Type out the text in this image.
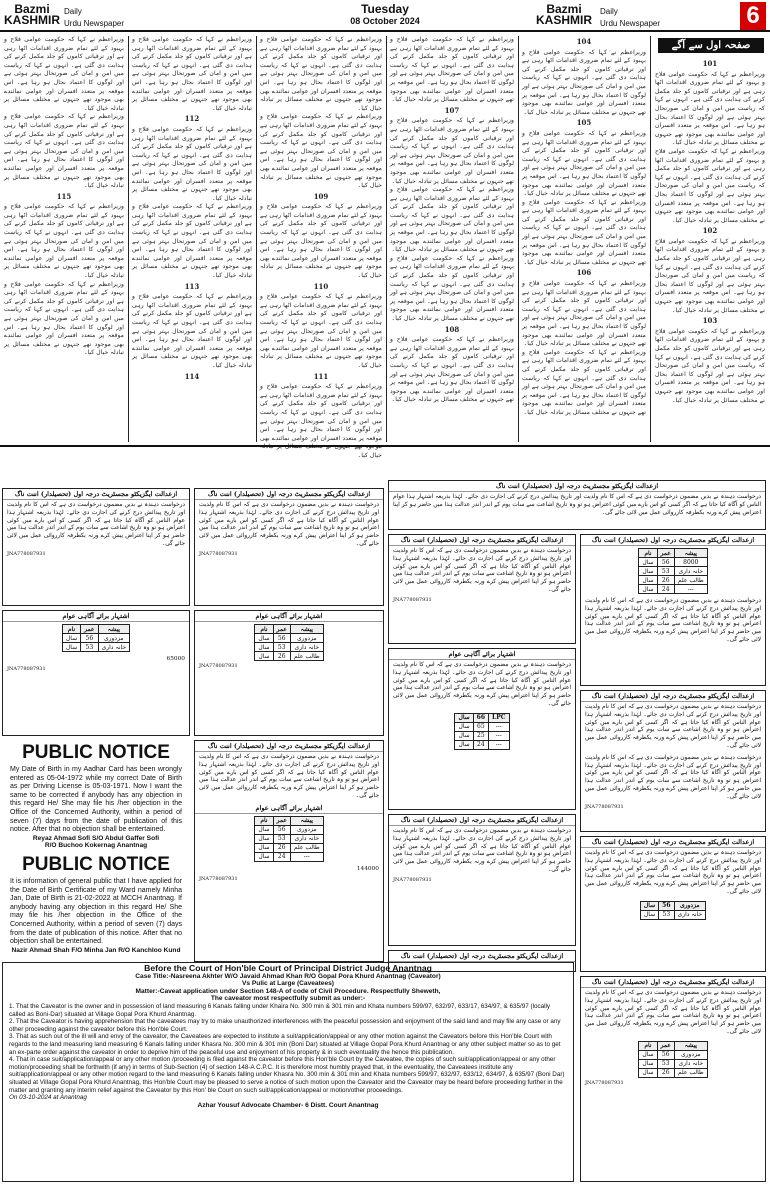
Bazmi
KASHMIR
Daily
Urdu Newspaper
Tuesday
08 October 2024
Bazmi
KASHMIR
Daily
Urdu Newspaper	6
صفحہ اول سے آگے
101

وزیراعظم نے کہا کہ حکومت عوامی فلاح و بہبود کے لئے تمام ضروری اقدامات اٹھا رہی ہے اور ترقیاتی کاموں کو جلد مکمل کرنے کی ہدایت دی گئی ہے۔ انہوں نے کہا کہ ریاست میں امن و امان کی صورتحال بہتر ہوئی ہے اور لوگوں کا اعتماد بحال ہو رہا ہے۔ اس موقعہ پر متعدد افسران اور عوامی نمائندے بھی موجود تھے جنہوں نے مختلف مسائل پر تبادلہ خیال کیا۔

وزیراعظم نے کہا کہ حکومت عوامی فلاح و بہبود کے لئے تمام ضروری اقدامات اٹھا رہی ہے اور ترقیاتی کاموں کو جلد مکمل کرنے کی ہدایت دی گئی ہے۔ انہوں نے کہا کہ ریاست میں امن و امان کی صورتحال بہتر ہوئی ہے اور لوگوں کا اعتماد بحال ہو رہا ہے۔ اس موقعہ پر متعدد افسران اور عوامی نمائندے بھی موجود تھے جنہوں نے مختلف مسائل پر تبادلہ خیال کیا۔

102

وزیراعظم نے کہا کہ حکومت عوامی فلاح و بہبود کے لئے تمام ضروری اقدامات اٹھا رہی ہے اور ترقیاتی کاموں کو جلد مکمل کرنے کی ہدایت دی گئی ہے۔ انہوں نے کہا کہ ریاست میں امن و امان کی صورتحال بہتر ہوئی ہے اور لوگوں کا اعتماد بحال ہو رہا ہے۔ اس موقعہ پر متعدد افسران اور عوامی نمائندے بھی موجود تھے جنہوں نے مختلف مسائل پر تبادلہ خیال کیا۔

103

وزیراعظم نے کہا کہ حکومت عوامی فلاح و بہبود کے لئے تمام ضروری اقدامات اٹھا رہی ہے اور ترقیاتی کاموں کو جلد مکمل کرنے کی ہدایت دی گئی ہے۔ انہوں نے کہا کہ ریاست میں امن و امان کی صورتحال بہتر ہوئی ہے اور لوگوں کا اعتماد بحال ہو رہا ہے۔ اس موقعہ پر متعدد افسران اور عوامی نمائندے بھی موجود تھے جنہوں نے مختلف مسائل پر تبادلہ خیال کیا۔

104

وزیراعظم نے کہا کہ حکومت عوامی فلاح و بہبود کے لئے تمام ضروری اقدامات اٹھا رہی ہے اور ترقیاتی کاموں کو جلد مکمل کرنے کی ہدایت دی گئی ہے۔ انہوں نے کہا کہ ریاست میں امن و امان کی صورتحال بہتر ہوئی ہے اور لوگوں کا اعتماد بحال ہو رہا ہے۔ اس موقعہ پر متعدد افسران اور عوامی نمائندے بھی موجود تھے جنہوں نے مختلف مسائل پر تبادلہ خیال کیا۔

105

وزیراعظم نے کہا کہ حکومت عوامی فلاح و بہبود کے لئے تمام ضروری اقدامات اٹھا رہی ہے اور ترقیاتی کاموں کو جلد مکمل کرنے کی ہدایت دی گئی ہے۔ انہوں نے کہا کہ ریاست میں امن و امان کی صورتحال بہتر ہوئی ہے اور لوگوں کا اعتماد بحال ہو رہا ہے۔ اس موقعہ پر متعدد افسران اور عوامی نمائندے بھی موجود تھے جنہوں نے مختلف مسائل پر تبادلہ خیال کیا۔

وزیراعظم نے کہا کہ حکومت عوامی فلاح و بہبود کے لئے تمام ضروری اقدامات اٹھا رہی ہے اور ترقیاتی کاموں کو جلد مکمل کرنے کی ہدایت دی گئی ہے۔ انہوں نے کہا کہ ریاست میں امن و امان کی صورتحال بہتر ہوئی ہے اور لوگوں کا اعتماد بحال ہو رہا ہے۔ اس موقعہ پر متعدد افسران اور عوامی نمائندے بھی موجود تھے جنہوں نے مختلف مسائل پر تبادلہ خیال کیا۔

106

وزیراعظم نے کہا کہ حکومت عوامی فلاح و بہبود کے لئے تمام ضروری اقدامات اٹھا رہی ہے اور ترقیاتی کاموں کو جلد مکمل کرنے کی ہدایت دی گئی ہے۔ انہوں نے کہا کہ ریاست میں امن و امان کی صورتحال بہتر ہوئی ہے اور لوگوں کا اعتماد بحال ہو رہا ہے۔ اس موقعہ پر متعدد افسران اور عوامی نمائندے بھی موجود تھے جنہوں نے مختلف مسائل پر تبادلہ خیال کیا۔

وزیراعظم نے کہا کہ حکومت عوامی فلاح و بہبود کے لئے تمام ضروری اقدامات اٹھا رہی ہے اور ترقیاتی کاموں کو جلد مکمل کرنے کی ہدایت دی گئی ہے۔ انہوں نے کہا کہ ریاست میں امن و امان کی صورتحال بہتر ہوئی ہے اور لوگوں کا اعتماد بحال ہو رہا ہے۔ اس موقعہ پر متعدد افسران اور عوامی نمائندے بھی موجود تھے جنہوں نے مختلف مسائل پر تبادلہ خیال کیا۔

وزیراعظم نے کہا کہ حکومت عوامی فلاح و بہبود کے لئے تمام ضروری اقدامات اٹھا رہی ہے اور ترقیاتی کاموں کو جلد مکمل کرنے کی ہدایت دی گئی ہے۔ انہوں نے کہا کہ ریاست میں امن و امان کی صورتحال بہتر ہوئی ہے اور لوگوں کا اعتماد بحال ہو رہا ہے۔ اس موقعہ پر متعدد افسران اور عوامی نمائندے بھی موجود تھے جنہوں نے مختلف مسائل پر تبادلہ خیال کیا۔

107

وزیراعظم نے کہا کہ حکومت عوامی فلاح و بہبود کے لئے تمام ضروری اقدامات اٹھا رہی ہے اور ترقیاتی کاموں کو جلد مکمل کرنے کی ہدایت دی گئی ہے۔ انہوں نے کہا کہ ریاست میں امن و امان کی صورتحال بہتر ہوئی ہے اور لوگوں کا اعتماد بحال ہو رہا ہے۔ اس موقعہ پر متعدد افسران اور عوامی نمائندے بھی موجود تھے جنہوں نے مختلف مسائل پر تبادلہ خیال کیا۔

وزیراعظم نے کہا کہ حکومت عوامی فلاح و بہبود کے لئے تمام ضروری اقدامات اٹھا رہی ہے اور ترقیاتی کاموں کو جلد مکمل کرنے کی ہدایت دی گئی ہے۔ انہوں نے کہا کہ ریاست میں امن و امان کی صورتحال بہتر ہوئی ہے اور لوگوں کا اعتماد بحال ہو رہا ہے۔ اس موقعہ پر متعدد افسران اور عوامی نمائندے بھی موجود تھے جنہوں نے مختلف مسائل پر تبادلہ خیال کیا۔

وزیراعظم نے کہا کہ حکومت عوامی فلاح و بہبود کے لئے تمام ضروری اقدامات اٹھا رہی ہے اور ترقیاتی کاموں کو جلد مکمل کرنے کی ہدایت دی گئی ہے۔ انہوں نے کہا کہ ریاست میں امن و امان کی صورتحال بہتر ہوئی ہے اور لوگوں کا اعتماد بحال ہو رہا ہے۔ اس موقعہ پر متعدد افسران اور عوامی نمائندے بھی موجود تھے جنہوں نے مختلف مسائل پر تبادلہ خیال کیا۔

108

وزیراعظم نے کہا کہ حکومت عوامی فلاح و بہبود کے لئے تمام ضروری اقدامات اٹھا رہی ہے اور ترقیاتی کاموں کو جلد مکمل کرنے کی ہدایت دی گئی ہے۔ انہوں نے کہا کہ ریاست میں امن و امان کی صورتحال بہتر ہوئی ہے اور لوگوں کا اعتماد بحال ہو رہا ہے۔ اس موقعہ پر متعدد افسران اور عوامی نمائندے بھی موجود تھے جنہوں نے مختلف مسائل پر تبادلہ خیال کیا۔

وزیراعظم نے کہا کہ حکومت عوامی فلاح و بہبود کے لئے تمام ضروری اقدامات اٹھا رہی ہے اور ترقیاتی کاموں کو جلد مکمل کرنے کی ہدایت دی گئی ہے۔ انہوں نے کہا کہ ریاست میں امن و امان کی صورتحال بہتر ہوئی ہے اور لوگوں کا اعتماد بحال ہو رہا ہے۔ اس موقعہ پر متعدد افسران اور عوامی نمائندے بھی موجود تھے جنہوں نے مختلف مسائل پر تبادلہ خیال کیا۔

وزیراعظم نے کہا کہ حکومت عوامی فلاح و بہبود کے لئے تمام ضروری اقدامات اٹھا رہی ہے اور ترقیاتی کاموں کو جلد مکمل کرنے کی ہدایت دی گئی ہے۔ انہوں نے کہا کہ ریاست میں امن و امان کی صورتحال بہتر ہوئی ہے اور لوگوں کا اعتماد بحال ہو رہا ہے۔ اس موقعہ پر متعدد افسران اور عوامی نمائندے بھی موجود تھے جنہوں نے مختلف مسائل پر تبادلہ خیال کیا۔

109

وزیراعظم نے کہا کہ حکومت عوامی فلاح و بہبود کے لئے تمام ضروری اقدامات اٹھا رہی ہے اور ترقیاتی کاموں کو جلد مکمل کرنے کی ہدایت دی گئی ہے۔ انہوں نے کہا کہ ریاست میں امن و امان کی صورتحال بہتر ہوئی ہے اور لوگوں کا اعتماد بحال ہو رہا ہے۔ اس موقعہ پر متعدد افسران اور عوامی نمائندے بھی موجود تھے جنہوں نے مختلف مسائل پر تبادلہ خیال کیا۔

110

وزیراعظم نے کہا کہ حکومت عوامی فلاح و بہبود کے لئے تمام ضروری اقدامات اٹھا رہی ہے اور ترقیاتی کاموں کو جلد مکمل کرنے کی ہدایت دی گئی ہے۔ انہوں نے کہا کہ ریاست میں امن و امان کی صورتحال بہتر ہوئی ہے اور لوگوں کا اعتماد بحال ہو رہا ہے۔ اس موقعہ پر متعدد افسران اور عوامی نمائندے بھی موجود تھے جنہوں نے مختلف مسائل پر تبادلہ خیال کیا۔

111

وزیراعظم نے کہا کہ حکومت عوامی فلاح و بہبود کے لئے تمام ضروری اقدامات اٹھا رہی ہے اور ترقیاتی کاموں کو جلد مکمل کرنے کی ہدایت دی گئی ہے۔ انہوں نے کہا کہ ریاست میں امن و امان کی صورتحال بہتر ہوئی ہے اور لوگوں کا اعتماد بحال ہو رہا ہے۔ اس موقعہ پر متعدد افسران اور عوامی نمائندے بھی موجود تھے جنہوں نے مختلف مسائل پر تبادلہ خیال کیا۔

وزیراعظم نے کہا کہ حکومت عوامی فلاح و بہبود کے لئے تمام ضروری اقدامات اٹھا رہی ہے اور ترقیاتی کاموں کو جلد مکمل کرنے کی ہدایت دی گئی ہے۔ انہوں نے کہا کہ ریاست میں امن و امان کی صورتحال بہتر ہوئی ہے اور لوگوں کا اعتماد بحال ہو رہا ہے۔ اس موقعہ پر متعدد افسران اور عوامی نمائندے بھی موجود تھے جنہوں نے مختلف مسائل پر تبادلہ خیال کیا۔

112

وزیراعظم نے کہا کہ حکومت عوامی فلاح و بہبود کے لئے تمام ضروری اقدامات اٹھا رہی ہے اور ترقیاتی کاموں کو جلد مکمل کرنے کی ہدایت دی گئی ہے۔ انہوں نے کہا کہ ریاست میں امن و امان کی صورتحال بہتر ہوئی ہے اور لوگوں کا اعتماد بحال ہو رہا ہے۔ اس موقعہ پر متعدد افسران اور عوامی نمائندے بھی موجود تھے جنہوں نے مختلف مسائل پر تبادلہ خیال کیا۔

وزیراعظم نے کہا کہ حکومت عوامی فلاح و بہبود کے لئے تمام ضروری اقدامات اٹھا رہی ہے اور ترقیاتی کاموں کو جلد مکمل کرنے کی ہدایت دی گئی ہے۔ انہوں نے کہا کہ ریاست میں امن و امان کی صورتحال بہتر ہوئی ہے اور لوگوں کا اعتماد بحال ہو رہا ہے۔ اس موقعہ پر متعدد افسران اور عوامی نمائندے بھی موجود تھے جنہوں نے مختلف مسائل پر تبادلہ خیال کیا۔

113

وزیراعظم نے کہا کہ حکومت عوامی فلاح و بہبود کے لئے تمام ضروری اقدامات اٹھا رہی ہے اور ترقیاتی کاموں کو جلد مکمل کرنے کی ہدایت دی گئی ہے۔ انہوں نے کہا کہ ریاست میں امن و امان کی صورتحال بہتر ہوئی ہے اور لوگوں کا اعتماد بحال ہو رہا ہے۔ اس موقعہ پر متعدد افسران اور عوامی نمائندے بھی موجود تھے جنہوں نے مختلف مسائل پر تبادلہ خیال کیا۔

114

وزیراعظم نے کہا کہ حکومت عوامی فلاح و بہبود کے لئے تمام ضروری اقدامات اٹھا رہی ہے اور ترقیاتی کاموں کو جلد مکمل کرنے کی ہدایت دی گئی ہے۔ انہوں نے کہا کہ ریاست میں امن و امان کی صورتحال بہتر ہوئی ہے اور لوگوں کا اعتماد بحال ہو رہا ہے۔ اس موقعہ پر متعدد افسران اور عوامی نمائندے بھی موجود تھے جنہوں نے مختلف مسائل پر تبادلہ خیال کیا۔

وزیراعظم نے کہا کہ حکومت عوامی فلاح و بہبود کے لئے تمام ضروری اقدامات اٹھا رہی ہے اور ترقیاتی کاموں کو جلد مکمل کرنے کی ہدایت دی گئی ہے۔ انہوں نے کہا کہ ریاست میں امن و امان کی صورتحال بہتر ہوئی ہے اور لوگوں کا اعتماد بحال ہو رہا ہے۔ اس موقعہ پر متعدد افسران اور عوامی نمائندے بھی موجود تھے جنہوں نے مختلف مسائل پر تبادلہ خیال کیا۔

115

وزیراعظم نے کہا کہ حکومت عوامی فلاح و بہبود کے لئے تمام ضروری اقدامات اٹھا رہی ہے اور ترقیاتی کاموں کو جلد مکمل کرنے کی ہدایت دی گئی ہے۔ انہوں نے کہا کہ ریاست میں امن و امان کی صورتحال بہتر ہوئی ہے اور لوگوں کا اعتماد بحال ہو رہا ہے۔ اس موقعہ پر متعدد افسران اور عوامی نمائندے بھی موجود تھے جنہوں نے مختلف مسائل پر تبادلہ خیال کیا۔

وزیراعظم نے کہا کہ حکومت عوامی فلاح و بہبود کے لئے تمام ضروری اقدامات اٹھا رہی ہے اور ترقیاتی کاموں کو جلد مکمل کرنے کی ہدایت دی گئی ہے۔ انہوں نے کہا کہ ریاست میں امن و امان کی صورتحال بہتر ہوئی ہے اور لوگوں کا اعتماد بحال ہو رہا ہے۔ اس موقعہ پر متعدد افسران اور عوامی نمائندے بھی موجود تھے جنہوں نے مختلف مسائل پر تبادلہ خیال کیا۔

ازعدالت ایگزیکٹو مجسٹریٹ درجہ اول (تحصیلدار) اننت ناگ
درخواست دہندہ نے بدیں مضمون درخواست دی ہے کہ اس کا نام ولدیت اور تاریخ پیدائش درج کرنے کی اجازت دی جائے۔ لہٰذا بذریعہ اشتہار ہذا عوام الناس کو آگاہ کیا جاتا ہے کہ اگر کسی کو اس بارے میں کوئی اعتراض ہو تو وہ تاریخ اشاعت سے سات یوم کے اندر اندر عدالت ہذا میں حاضر ہو کر اپنا اعتراض پیش کرے ورنہ یکطرفہ کارروائی عمل میں لائی جائے گی۔
ازعدالت ایگزیکٹو مجسٹریٹ درجہ اول (تحصیلدار) اننت ناگ
درخواست دہندہ نے بدیں مضمون درخواست دی ہے کہ اس کا نام ولدیت اور تاریخ پیدائش درج کرنے کی اجازت دی جائے۔ لہٰذا بذریعہ اشتہار ہذا عوام الناس کو آگاہ کیا جاتا ہے کہ اگر کسی کو اس بارے میں کوئی اعتراض ہو تو وہ تاریخ اشاعت سے سات یوم کے اندر اندر عدالت ہذا میں حاضر ہو کر اپنا اعتراض پیش کرے ورنہ یکطرفہ کارروائی عمل میں لائی جائے گی۔
JNA778087931
اشتہار برائے آگاہی عوام
پیشہ	عمر	نام
مزدوری	56	سال
خانہ داری	53	سال
65000
JNA778087931
PUBLIC NOTICE
My Date of Birth in my Aadhar Card has been wrongly entered as 05-04-1972 while my correct Date of Birth as per Driving License is 05-03-1971. Now I want the same to be corrected if anybody has any objection in this regard He/ She may file his /her objection in the Office of the Concerned Authority, within a period of seven (7) days from the date of publication of this notice. After that no objection shall be entertained.
Reyaz Ahmad Sofi S/O Abdul Gaffer Sofi
R/O Buchoo Kokernag Anantnag
PUBLIC NOTICE
It is information of general public that I have applied for the Date of Birth Certificate of my Ward namely Minha Jan, Date of Birth is 21-02-2022 at MCCH Anantnag. If anybody having any objection in this regard He/ She may file his /her objection in the Office of the Concerned Authority, within a period of seven (7) days from the date of publication of this notice. After that no objection shall be entertained.
Nazir Ahmad Shah F/O Minha Jan R/O Kanchloo Kund
ازعدالت ایگزیکٹو مجسٹریٹ درجہ اول (تحصیلدار) اننت ناگ
درخواست دہندہ نے بدیں مضمون درخواست دی ہے کہ اس کا نام ولدیت اور تاریخ پیدائش درج کرنے کی اجازت دی جائے۔ لہٰذا بذریعہ اشتہار ہذا عوام الناس کو آگاہ کیا جاتا ہے کہ اگر کسی کو اس بارے میں کوئی اعتراض ہو تو وہ تاریخ اشاعت سے سات یوم کے اندر اندر عدالت ہذا میں حاضر ہو کر اپنا اعتراض پیش کرے ورنہ یکطرفہ کارروائی عمل میں لائی جائے گی۔
JNA778087931
اشتہار برائے آگاہی عوام
پیشہ	عمر	نام
مزدوری	56	سال
خانہ داری	53	سال
طالب علم	26	سال
JNA778087931
ازعدالت ایگزیکٹو مجسٹریٹ درجہ اول (تحصیلدار) اننت ناگ
درخواست دہندہ نے بدیں مضمون درخواست دی ہے کہ اس کا نام ولدیت اور تاریخ پیدائش درج کرنے کی اجازت دی جائے۔ لہٰذا بذریعہ اشتہار ہذا عوام الناس کو آگاہ کیا جاتا ہے کہ اگر کسی کو اس بارے میں کوئی اعتراض ہو تو وہ تاریخ اشاعت سے سات یوم کے اندر اندر عدالت ہذا میں حاضر ہو کر اپنا اعتراض پیش کرے ورنہ یکطرفہ کارروائی عمل میں لائی جائے گی۔
اشتہار برائے آگاہی عوام
پیشہ	عمر	نام
مزدوری	56	سال
خانہ داری	53	سال
طالب علم	26	سال
---	24	سال
144000
JNA778087931
ازعدالت ایگزیکٹو مجسٹریٹ درجہ اول (تحصیلدار) اننت ناگ
درخواست دہندہ نے بدیں مضمون درخواست دی ہے کہ اس کا نام ولدیت اور تاریخ پیدائش درج کرنے کی اجازت دی جائے۔ لہٰذا بذریعہ اشتہار ہذا عوام الناس کو آگاہ کیا جاتا ہے کہ اگر کسی کو اس بارے میں کوئی اعتراض ہو تو وہ تاریخ اشاعت سے سات یوم کے اندر اندر عدالت ہذا میں حاضر ہو کر اپنا اعتراض پیش کرے ورنہ یکطرفہ کارروائی عمل میں لائی جائے گی۔
JNA778087931
اشتہار برائے آگاہی عوام
درخواست دہندہ نے بدیں مضمون درخواست دی ہے کہ اس کا نام ولدیت اور تاریخ پیدائش درج کرنے کی اجازت دی جائے۔ لہٰذا بذریعہ اشتہار ہذا عوام الناس کو آگاہ کیا جاتا ہے کہ اگر کسی کو اس بارے میں کوئی اعتراض ہو تو وہ تاریخ اشاعت سے سات یوم کے اندر اندر عدالت ہذا میں حاضر ہو کر اپنا اعتراض پیش کرے ورنہ یکطرفہ کارروائی عمل میں لائی جائے گی۔
LPC	66	سال
---	65	سال
---	25	سال
---	24	سال
ازعدالت ایگزیکٹو مجسٹریٹ درجہ اول (تحصیلدار) اننت ناگ
درخواست دہندہ نے بدیں مضمون درخواست دی ہے کہ اس کا نام ولدیت اور تاریخ پیدائش درج کرنے کی اجازت دی جائے۔ لہٰذا بذریعہ اشتہار ہذا عوام الناس کو آگاہ کیا جاتا ہے کہ اگر کسی کو اس بارے میں کوئی اعتراض ہو تو وہ تاریخ اشاعت سے سات یوم کے اندر اندر عدالت ہذا میں حاضر ہو کر اپنا اعتراض پیش کرے ورنہ یکطرفہ کارروائی عمل میں لائی جائے گی۔
JNA778087931
ازعدالت ایگزیکٹو مجسٹریٹ درجہ اول (تحصیلدار) اننت ناگ
ازعدالت ایگزیکٹو مجسٹریٹ درجہ اول (تحصیلدار) اننت ناگ
پیشہ	عمر	نام
8000	56	سال
خانہ داری	53	سال
طالب علم	26	سال
---	24	سال
درخواست دہندہ نے بدیں مضمون درخواست دی ہے کہ اس کا نام ولدیت اور تاریخ پیدائش درج کرنے کی اجازت دی جائے۔ لہٰذا بذریعہ اشتہار ہذا عوام الناس کو آگاہ کیا جاتا ہے کہ اگر کسی کو اس بارے میں کوئی اعتراض ہو تو وہ تاریخ اشاعت سے سات یوم کے اندر اندر عدالت ہذا میں حاضر ہو کر اپنا اعتراض پیش کرے ورنہ یکطرفہ کارروائی عمل میں لائی جائے گی۔
ازعدالت ایگزیکٹو مجسٹریٹ درجہ اول (تحصیلدار) اننت ناگ
درخواست دہندہ نے بدیں مضمون درخواست دی ہے کہ اس کا نام ولدیت اور تاریخ پیدائش درج کرنے کی اجازت دی جائے۔ لہٰذا بذریعہ اشتہار ہذا عوام الناس کو آگاہ کیا جاتا ہے کہ اگر کسی کو اس بارے میں کوئی اعتراض ہو تو وہ تاریخ اشاعت سے سات یوم کے اندر اندر عدالت ہذا میں حاضر ہو کر اپنا اعتراض پیش کرے ورنہ یکطرفہ کارروائی عمل میں لائی جائے گی۔
درخواست دہندہ نے بدیں مضمون درخواست دی ہے کہ اس کا نام ولدیت اور تاریخ پیدائش درج کرنے کی اجازت دی جائے۔ لہٰذا بذریعہ اشتہار ہذا عوام الناس کو آگاہ کیا جاتا ہے کہ اگر کسی کو اس بارے میں کوئی اعتراض ہو تو وہ تاریخ اشاعت سے سات یوم کے اندر اندر عدالت ہذا میں حاضر ہو کر اپنا اعتراض پیش کرے ورنہ یکطرفہ کارروائی عمل میں لائی جائے گی۔
JNA778087931
ازعدالت ایگزیکٹو مجسٹریٹ درجہ اول (تحصیلدار) اننت ناگ
درخواست دہندہ نے بدیں مضمون درخواست دی ہے کہ اس کا نام ولدیت اور تاریخ پیدائش درج کرنے کی اجازت دی جائے۔ لہٰذا بذریعہ اشتہار ہذا عوام الناس کو آگاہ کیا جاتا ہے کہ اگر کسی کو اس بارے میں کوئی اعتراض ہو تو وہ تاریخ اشاعت سے سات یوم کے اندر اندر عدالت ہذا میں حاضر ہو کر اپنا اعتراض پیش کرے ورنہ یکطرفہ کارروائی عمل میں لائی جائے گی۔
مزدوری	56	سال
خانہ داری	53	سال
Before the Court of Hon'ble Court of Principal District Judge Anantnag
Case Title:-Nasreena Akhter W/O Javaid Ahmad Khan R/O Gopal Pora Khurd Anantnag (Caveator)
Vs Pulic at Large (Caveatees)
Matter:-Caveat application under Section 148-A of code of Civil Procedure. Respectfully Sheweth,
The caveator most respectfully submit as under:-
1. That the Caveator is the owner and in possession of land measuring 6 Kanals falling under Khaira No. 300 min & 301 min and Khata numbers 599/97, 632/97, 633/17, 634/97, & 635/97 (locally called as Boni-Dar) situated at Village Gopal Pora Khurd Anantnag.
2. That the Caveator is having apprehension that the caveatees may try to make unauthorized interferences with the peaceful possession and enjoyment of the said land and may file any case or any other proceeding against the caveator before this Hon'ble Court.
3. That as such out of the ill will and envy of the caveator, the Caveatees are expected to institute a suit/application/appeal or any other motion against the Caveators before this Hon'ble Court with regards to the land measuring land measuring 6 Kanals falling under Khasra No. 300 min & 301 min (Boni Dar) situated at Village Gopal Pora Khurd Anantnag or any other subject matter so as to get an ex-parte order against the caveator in order to deprive him of the peaceful use and enjoyment of his property & in such eventuality the hence this publication.
4. That in case suit/application/appeal or any other motion /proceeding is filed against the caveator before this Hon'ble Court by the Caveatee, the copies of such suit/application/appeal or any other motion/proceeding shall be forthwith (if any) in terms of Sub-Section (4) of section 148-A C.P.C. It is therefore most humbly prayed that, in the eventuality, the Caveatees institute any suit/application/appeal or any other motion regard to the land measuring 6 Kanals falling under Khasra No. 300 min & 301 min and Khata numbers 599/97, 632/97, 633/12, 634/97, & 635/97 (Boni Dar) situated at Village Gopal Pora Khurd Anantnag, this Hon'ble Court may be pleased to serve a notice of such motion upon the Caveator and the Caveator may be heard before proceeding further in the matter and granting any interim relief against the Caveator by this Hon' ble Court on such suit/application/appeal or motion/other proceedings.
On 03-10-2024 at Anantnag
Azhar Yousuf Advocate Chamber- 6 Distt. Court Anantnag
ازعدالت ایگزیکٹو مجسٹریٹ درجہ اول (تحصیلدار) اننت ناگ
درخواست دہندہ نے بدیں مضمون درخواست دی ہے کہ اس کا نام ولدیت اور تاریخ پیدائش درج کرنے کی اجازت دی جائے۔ لہٰذا بذریعہ اشتہار ہذا عوام الناس کو آگاہ کیا جاتا ہے کہ اگر کسی کو اس بارے میں کوئی اعتراض ہو تو وہ تاریخ اشاعت سے سات یوم کے اندر اندر عدالت ہذا میں حاضر ہو کر اپنا اعتراض پیش کرے ورنہ یکطرفہ کارروائی عمل میں لائی جائے گی۔
پیشہ	عمر	نام
مزدوری	56	سال
خانہ داری	53	سال
طالب علم	26	سال
JNA778087931
